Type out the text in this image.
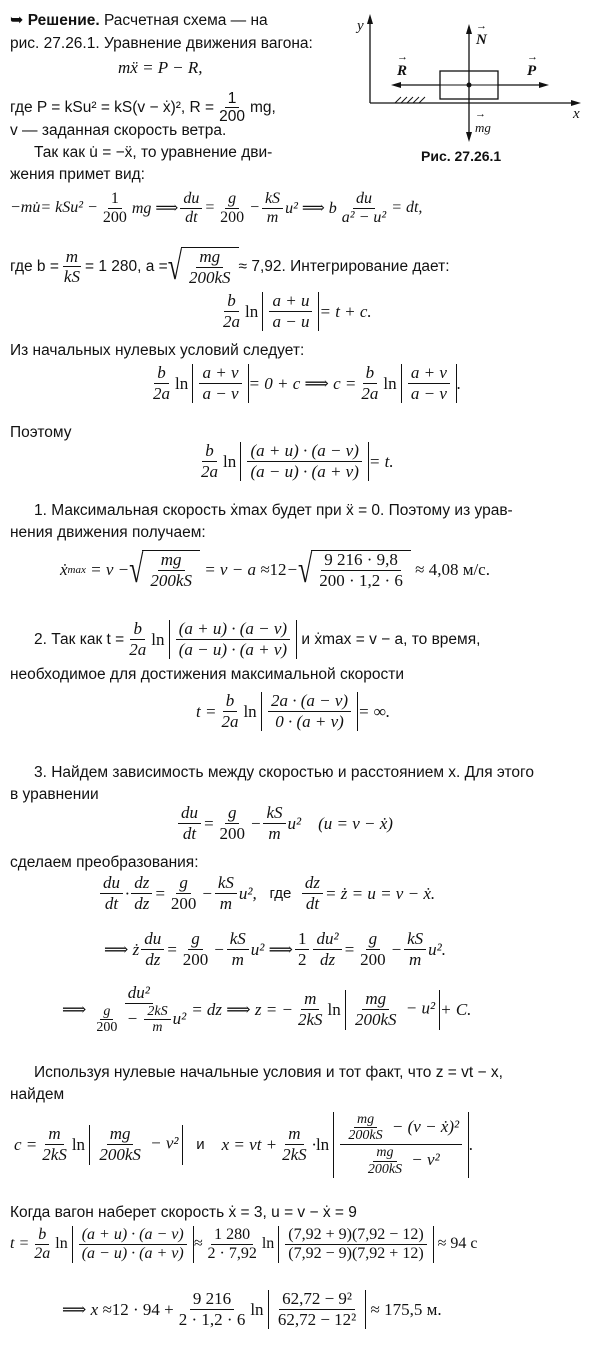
➥ Решение. Расчетная схема — на
рис. 27.26.1. Уравнение движения вагона:
y
x
→ N
→ R
→	P
→ mg
Рис. 27.26.1
mẍ = P − R,
где P = kSu² = kS(v − ẋ)², $R = \frac{1}{200}$ mg,
v — заданная скорость ветра.
Так как u̇ = −ẍ, то уравнение дви-
жения примет вид:
−m u̇ = $kSu^2 - \frac{1}{200}$ mg ⟹ $\frac{du}{dt} = \frac{g}{200} - \frac{kS}{m} u^2$ ⟹ b $\frac{du}{\text{a² − u²}}$ = dt,
где $b = \frac{m}{kS} = 1$ 280, a = √ $\frac{mg}{200kS} \approx 7,92$. Интегрирование дает:
$\frac{b}{2a}$ ln
$\frac{a + u}{a - u} = t + c$.
Из начальных нулевых условий следует:
$\frac{b}{2a}$ ln
$\frac{a + v}{a - v} = 0 + c$ ⟹ $c = \frac{b}{2a}$ ln
$\frac{a + v}{a - v}$ .
Поэтому
$\frac{b}{2a}$ ln
$\frac{(a + u) \cdot (a - v)}{(a - u) \cdot (a + v)} = t$.
1. Максимальная скорость ẋmax будет при ẍ = 0. Поэтому из урав-
нения движения получаем:
ẋ max = v − √ $\frac{mg}{200kS} = v - a \approx 12$ − √ $\frac{9 216 \cdot 9,8}{200 \cdot 1,2 \cdot 6}$
≈ 4,08 м/с.
2. Так как $t = \frac{b}{2a}$ ln
$\frac{(a + u) \cdot (a - v)}{(a - u) \cdot (a + v)}$
и ẋmax = v − a, то время,
необходимое для достижения максимальной скорости
$t = \frac{b}{2a}$ ln
$\frac{2a \cdot (a - v)}{0 \cdot (a + v)}$ = ∞.
3. Найдем зависимость между скоростью и расстоянием x. Для этого
в уравнении
$\frac{du}{dt} = \frac{g}{200} - \frac{kS}{m} u^2$    (u = v − ẋ)
сделаем преобразования:
$\frac{du}{dt} \cdot \frac{dz}{dz} = \frac{g}{200} - \frac{kS}{m} u^2$, где
$\frac{dz}{dt}$ = ż = u = v − ẋ.
⟹ ż $\frac{du}{dz} = \frac{g}{200} - \frac{kS}{m} u^2$ ⟹ $\frac{1}{2} \frac{\text{du²}}{dz} = \frac{g}{200} - \frac{kS}{m} u^2$.
⟹ $\frac{\text{du²}}{\frac{g}{200} - \frac{2kS}{m} u^2}$ = dz ⟹ z = − $\frac{m}{2kS}$ ln
$\frac{mg}{200kS} - u^2 + C$.
Используя нулевые начальные условия и тот факт, что z = vt − x,
найдем
$c = \frac{m}{2kS}$ ln
$\frac{mg}{200kS} - v^2$
	и x = vt + $\frac{m}{2kS} \cdot \ln$
$\frac{\frac{mg}{200kS} - (v - ẋ)^2}{\frac{mg}{200kS} - v^2}$ .
Когда вагон наберет скорость ẋ = 3, u = v − ẋ = 9
$t = \frac{b}{2a}$ ln
$\frac{(a + u) \cdot (a - v)}{(a - u) \cdot (a + v)} \approx \frac{1 280}{2 \cdot 7,92}$ ln
$\frac{(7,92 + 9)(7,92 - 12)}{(7,92 - 9)(7,92 + 12)}$
≈ 94 с
⟹ $x \approx 12 \cdot 94 + \frac{9 216}{2 \cdot 1,2 \cdot 6}$ ln
$\frac{\text{62,72 − 9²}}{\text{62,72 − 12²}}$
≈ 175,5 м.
